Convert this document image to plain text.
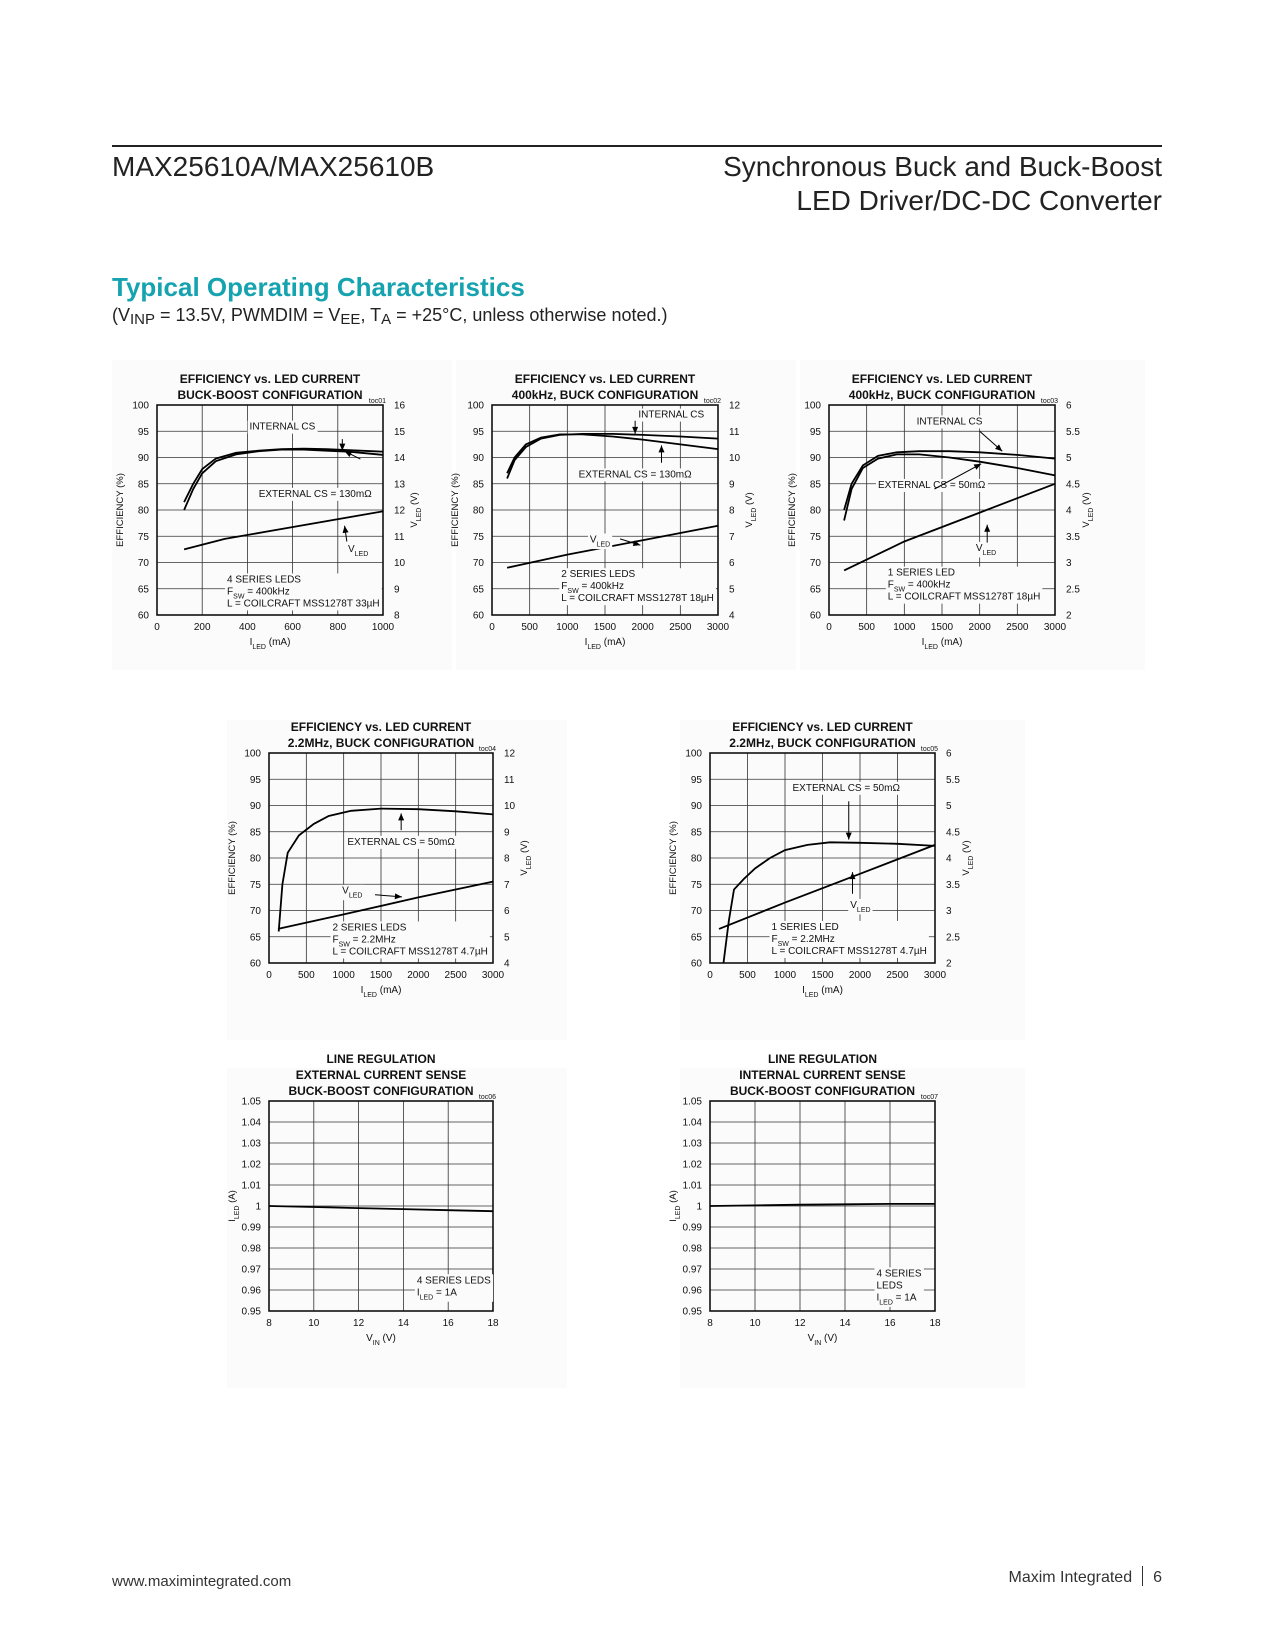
MAX25610A/MAX25610B	Synchronous Buck and Buck-Boost
LED Driver/DC-DC Converter
Typical Operating Characteristics
($V_{INP} = 13.5V$, PWMDIM = $V_{EE}$, $T_A = +25^\circ C$, unless otherwise noted.)
EFFICIENCY vs. LED CURRENT
BUCK-BOOST CONFIGURATION toc01
0	200	400	600	800	1000
60
65
70
75
80
85
90
95
100
8
9
10
11
12
13
14
15
16
$I_{LED}$ (mA)
EFFICIENCY (%)	$V_{LED}$ (V)
INTERNAL CS
EXTERNAL CS = 130mΩ
$V_{LED}$
4 SERIES LEDS
$F_{SW} = 400kHz$
L = COILCRAFT MSS1278T 33µH
EFFICIENCY vs. LED CURRENT
400kHz, BUCK CONFIGURATION toc02
0	500 1000 1500 2000 2500 3000
60
65
70
75
80
85
90
95
100
4
5
6
7
8
9
10
11
12
$I_{LED}$ (mA)
EFFICIENCY (%)	$V_{LED}$ (V)
INTERNAL CS
EXTERNAL CS = 130mΩ
$V_{LED}$
2 SERIES LEDS
$F_{SW} = 400kHz$
L = COILCRAFT MSS1278T 18µH
EFFICIENCY vs. LED CURRENT
400kHz, BUCK CONFIGURATION toc03
0	500 1000 1500 2000 2500 3000
60
65
70
75
80
85
90
95
100
2
2.5
3
3.5
4
4.5
5
5.5
6
$I_{LED}$ (mA)
EFFICIENCY (%)	$V_{LED}$ (V)
INTERNAL CS
EXTERNAL CS = 50mΩ
$V_{LED}$
1 SERIES LED
$F_{SW} = 400kHz$
L = COILCRAFT MSS1278T 18µH
EFFICIENCY vs. LED CURRENT
2.2MHz, BUCK CONFIGURATION toc04
0	500 1000 1500 2000 2500 3000
60
65
70
75
80
85
90
95
100
4
5
6
7
8
9
10
11
12
$I_{LED}$ (mA)
EFFICIENCY (%)	$V_{LED}$ (V)
EXTERNAL CS = 50mΩ
$V_{LED}$
2 SERIES LEDS
$F_{SW} = 2.2MHz$
L = COILCRAFT MSS1278T 4.7µH
EFFICIENCY vs. LED CURRENT
2.2MHz, BUCK CONFIGURATION toc05
0	500 1000 1500 2000 2500 3000
60
65
70
75
80
85
90
95
100
2
2.5
3
3.5
4
4.5
5
5.5
6
$I_{LED}$ (mA)
EFFICIENCY (%)	$V_{LED}$ (V)
EXTERNAL CS = 50mΩ
$V_{LED}$
1 SERIES LED
$F_{SW} = 2.2MHz$
L = COILCRAFT MSS1278T 4.7µH
LINE REGULATION
EXTERNAL CURRENT SENSE
BUCK-BOOST CONFIGURATION toc06
8	10	12	14	16	18
0.95
0.96
0.97
0.98
0.99
1
1.01
1.02
1.03
1.04
1.05
$V_{IN}$ (V)
$I_{LED}$ (A)
4 SERIES LEDS
$I_{LED} = 1A$
LINE REGULATION
INTERNAL CURRENT SENSE
BUCK-BOOST CONFIGURATION toc07
8	10	12	14	16	18
0.95
0.96
0.97
0.98
0.99
1
1.01
1.02
1.03
1.04
1.05
$V_{IN}$ (V)
$I_{LED}$ (A)
4 SERIES
LEDS
$I_{LED} = 1A$
www.maximintegrated.com	Maxim Integrated 6
